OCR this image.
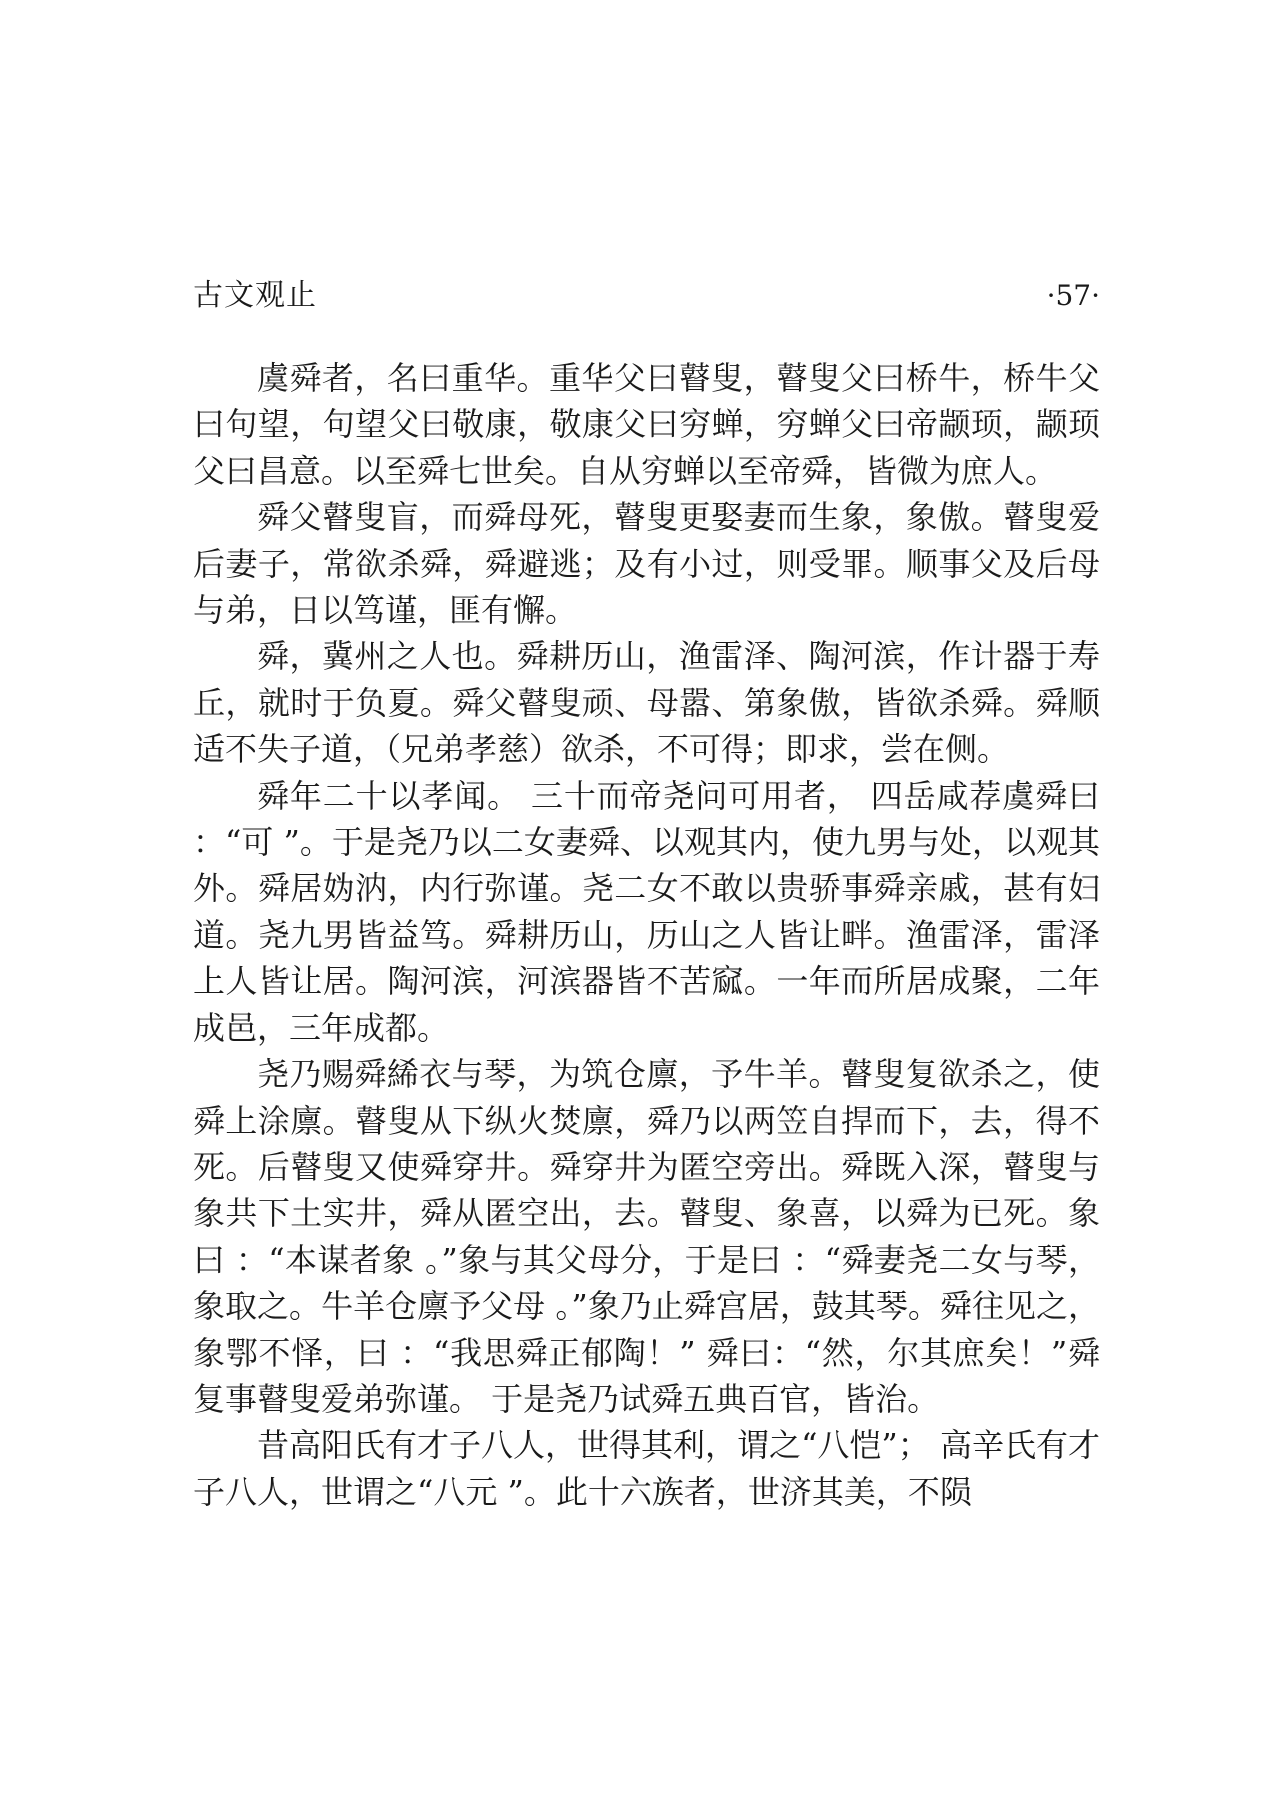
古文观止	·57·

虞舜者，名曰重华。重华父曰瞽叟，瞽叟父曰桥牛，桥牛父曰句望，句望父曰敬康，敬康父曰穷蝉，穷蝉父曰帝颛顼，颛顼父曰昌意。以至舜七世矣。自从穷蝉以至帝舜，皆微为庶人。

舜父瞽叟盲，而舜母死，瞽叟更娶妻而生象，象傲。瞽叟爱后妻子，常欲杀舜，舜避逃；及有小过，则受罪。顺事父及后母与弟，日以笃谨，匪有懈。

舜，冀州之人也。舜耕历山，渔雷泽、陶河滨，作计器于寿丘，就时于负夏。舜父瞽叟顽、母嚣、第象傲，皆欲杀舜。舜顺适不失子道，（兄弟孝慈）欲杀，不可得；即求，尝在侧。

舜年二十以孝闻。 三十而帝尧问可用者， 四岳咸荐虞舜曰 ：“可 ”。于是尧乃以二女妻舜、以观其内，使九男与处，以观其外。舜居妫汭，内行弥谨。尧二女不敢以贵骄事舜亲戚，甚有妇道。尧九男皆益笃。舜耕历山，历山之人皆让畔。渔雷泽，雷泽上人皆让居。陶河滨，河滨器皆不苦窳。一年而所居成聚，二年成邑，三年成都。

尧乃赐舜絺衣与琴，为筑仓廪，予牛羊。瞽叟复欲杀之，使舜上涂廪。瞽叟从下纵火焚廪，舜乃以两笠自捍而下，去，得不死。后瞽叟又使舜穿井。舜穿井为匿空旁出。舜既入深，瞽叟与象共下土实井，舜从匿空出，去。瞽叟、象喜，以舜为已死。象曰 ：“本谋者象 。”象与其父母分，于是曰 ：“舜妻尧二女与琴，象取之。牛羊仓廪予父母 。”象乃止舜宫居，鼓其琴。舜往见之，象鄂不怿，曰 ：“我思舜正郁陶！” 舜曰：“然，尔其庶矣！”舜复事瞽叟爱弟弥谨。 于是尧乃试舜五典百官，皆治。

昔高阳氏有才子八人，世得其利，谓之“八恺”； 高辛氏有才子八人，世谓之“八元 ”。此十六族者，世济其美，不陨
